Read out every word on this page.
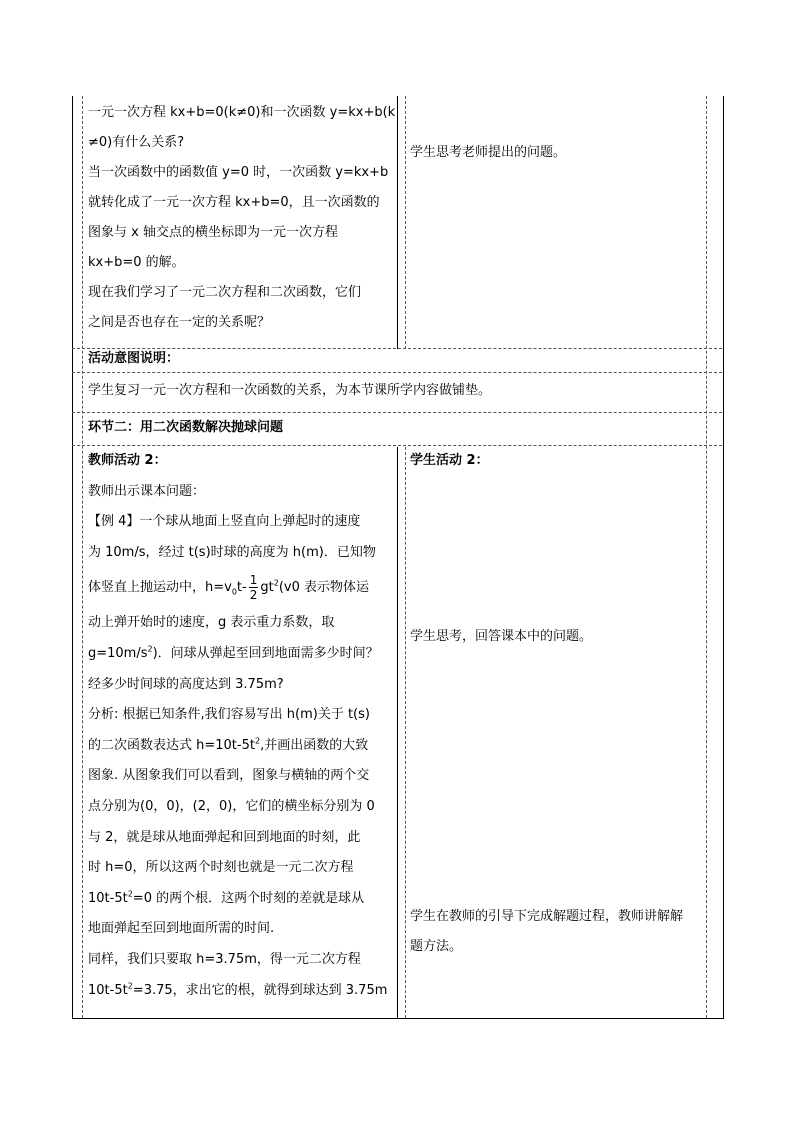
一元一次方程 kx+b=0(k≠0)和一次函数 y=kx+b(k

≠0)有什么关系?

当一次函数中的函数值 y=0 时，一次函数 y=kx+b

就转化成了一元一次方程 kx+b=0，且一次函数的

图象与 x 轴交点的横坐标即为一元一次方程

kx+b=0 的解。

现在我们学习了一元二次方程和二次函数，它们

之间是否也存在一定的关系呢？

学生思考老师提出的问题。

活动意图说明：

学生复习一元一次方程和一次函数的关系，为本节课所学内容做铺垫。

环节二：用二次函数解决抛球问题

教师活动 2：

教师出示课本问题：

【例 4】一个球从地面上竖直向上弹起时的速度

为 10m/s，经过 t(s)时球的高度为 h(m)．已知物

体竖直上抛运动中，$h=v_0t- \frac{1}{2} gt^2(v0$ 表示物体运

动上弹开始时的速度，g 表示重力系数，取

$g=10m/s^2$)．问球从弹起至回到地面需多少时间？

经多少时间球的高度达到 3.75m?

分析: 根据已知条件,我们容易写出 h(m)关于 t(s)

的二次函数表达式 $h=10t-5t^2$,并画出函数的大致

图象. 从图象我们可以看到，图象与横轴的两个交

点分别为(0，0)，(2，0)，它们的横坐标分别为 0

与 2，就是球从地面弹起和回到地面的时刻，此

时 h=0，所以这两个时刻也就是一元二次方程

$10t-5t^2=0$ 的两个根．这两个时刻的差就是球从

地面弹起至回到地面所需的时间.

同样，我们只要取 h=3.75m，得一元二次方程

$10t-5t^2=3.75$，求出它的根，就得到球达到 3.75m

学生活动 2：

学生思考，回答课本中的问题。

学生在教师的引导下完成解题过程，教师讲解解

题方法。
